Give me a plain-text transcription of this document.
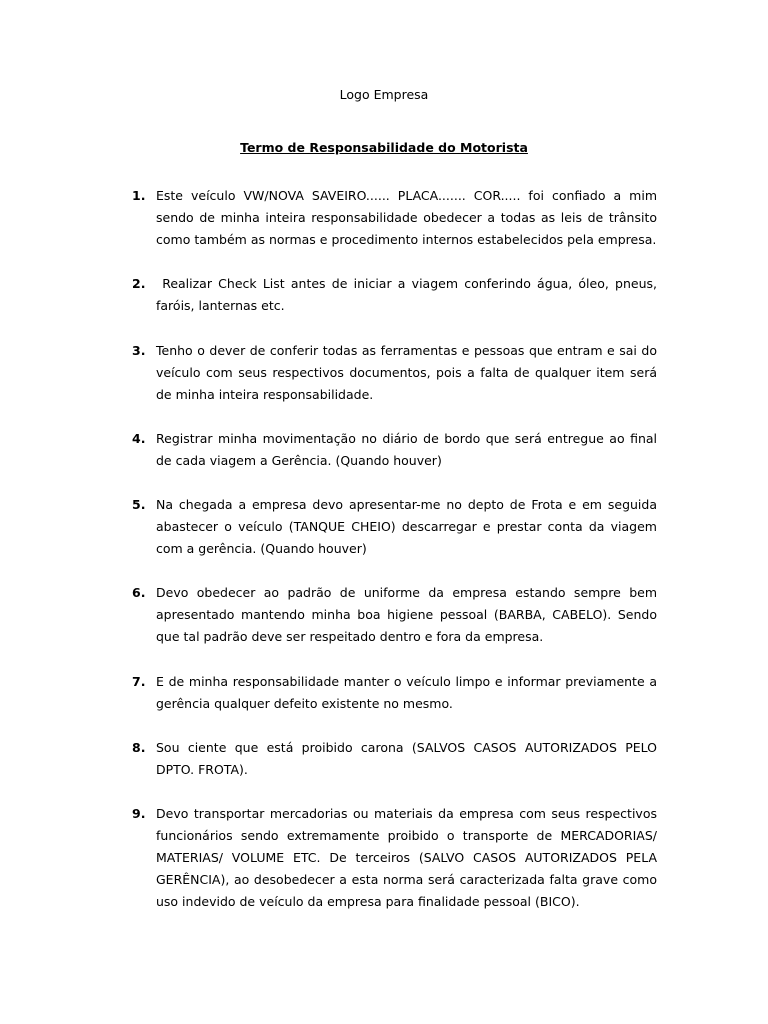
Logo Empresa
Termo de Responsabilidade do Motorista
1. Este veículo VW/NOVA SAVEIRO...... PLACA....... COR..... foi confiado a mim sendo de minha inteira responsabilidade obedecer a todas as leis de trânsito como também as normas e procedimento internos estabelecidos pela empresa.

2. Realizar Check List antes de iniciar a viagem conferindo água, óleo, pneus, faróis, lanternas etc.

3. Tenho o dever de conferir todas as ferramentas e pessoas que entram e sai do veículo com seus respectivos documentos, pois a falta de qualquer item será de minha inteira responsabilidade.

4. Registrar minha movimentação no diário de bordo que será entregue ao final de cada viagem a Gerência. (Quando houver)

5. Na chegada a empresa devo apresentar-me no depto de Frota e em seguida abastecer o veículo (TANQUE CHEIO) descarregar e prestar conta da viagem com a gerência. (Quando houver)

6. Devo obedecer ao padrão de uniforme da empresa estando sempre bem apresentado mantendo minha boa higiene pessoal (BARBA, CABELO). Sendo que tal padrão deve ser respeitado dentro e fora da empresa.

7. E de minha responsabilidade manter o veículo limpo e informar previamente a gerência qualquer defeito existente no mesmo.

8. Sou ciente que está proibido carona (SALVOS CASOS AUTORIZADOS PELO DPTO. FROTA).

9. Devo transportar mercadorias ou materiais da empresa com seus respectivos funcionários sendo extremamente proibido o transporte de MERCADORIAS/ MATERIAS/ VOLUME ETC. De terceiros (SALVO CASOS AUTORIZADOS PELA GERÊNCIA), ao desobedecer a esta norma será caracterizada falta grave como uso indevido de veículo da empresa para finalidade pessoal (BICO).
